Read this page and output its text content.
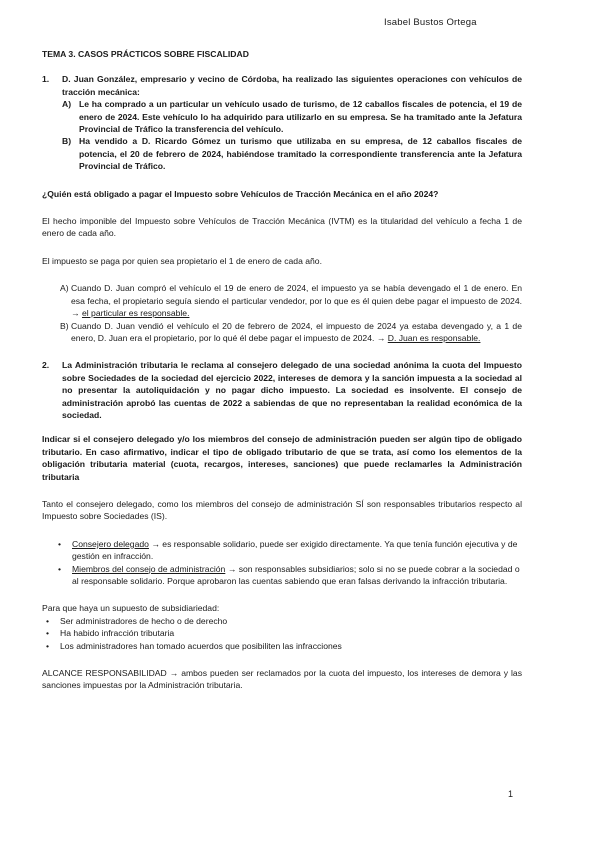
Isabel Bustos Ortega

TEMA 3. CASOS PRÁCTICOS SOBRE FISCALIDAD

1.	D. Juan González, empresario y vecino de Córdoba, ha realizado las siguientes operaciones con vehículos de tracción mecánica:
A) Le ha comprado a un particular un vehículo usado de turismo, de 12 caballos fiscales de potencia, el 19 de enero de 2024. Este vehículo lo ha adquirido para utilizarlo en su empresa. Se ha tramitado ante la Jefatura Provincial de Tráfico la transferencia del vehículo.
B) Ha vendido a D. Ricardo Gómez un turismo que utilizaba en su empresa, de 12 caballos fiscales de potencia, el 20 de febrero de 2024, habiéndose tramitado la correspondiente transferencia ante la Jefatura Provincial de Tráfico.

¿Quién está obligado a pagar el Impuesto sobre Vehículos de Tracción Mecánica en el año 2024?

El hecho imponible del Impuesto sobre Vehículos de Tracción Mecánica (IVTM) es la titularidad del vehículo a fecha 1 de enero de cada año.

El impuesto se paga por quien sea propietario el 1 de enero de cada año.

A) Cuando D. Juan compró el vehículo el 19 de enero de 2024, el impuesto ya se había devengado el 1 de enero. En esa fecha, el propietario seguía siendo el particular vendedor, por lo que es él quien debe pagar el impuesto de 2024. → el particular es responsable.
B) Cuando D. Juan vendió el vehículo el 20 de febrero de 2024, el impuesto de 2024 ya estaba devengado y, a 1 de enero, D. Juan era el propietario, por lo qué él debe pagar el impuesto de 2024. → D. Juan es responsable.
2.	La Administración tributaria le reclama al consejero delegado de una sociedad anónima la cuota del Impuesto sobre Sociedades de la sociedad del ejercicio 2022, intereses de demora y la sanción impuesta a la sociedad al no presentar la autoliquidación y no pagar dicho impuesto. La sociedad es insolvente. El consejo de administración aprobó las cuentas de 2022 a sabiendas de que no representaban la realidad económica de la sociedad.

Indicar si el consejero delegado y/o los miembros del consejo de administración pueden ser algún tipo de obligado tributario. En caso afirmativo, indicar el tipo de obligado tributario de que se trata, así como los elementos de la obligación tributaria material (cuota, recargos, intereses, sanciones) que puede reclamarles la Administración tributaria

Tanto el consejero delegado, como los miembros del consejo de administración SÍ son responsables tributarios respecto al Impuesto sobre Sociedades (IS).

•	Consejero delegado → es responsable solidario, puede ser exigido directamente. Ya que tenía función ejecutiva y de gestión en infracción.
•	Miembros del consejo de administración → son responsables subsidiarios; solo si no se puede cobrar a la sociedad o al responsable solidario. Porque aprobaron las cuentas sabiendo que eran falsas derivando la infracción tributaria.

Para que haya un supuesto de subsidiariedad:

•	Ser administradores de hecho o de derecho
•	Ha habido infracción tributaria
•	Los administradores han tomado acuerdos que posibiliten las infracciones

ALCANCE RESPONSABILIDAD → ambos pueden ser reclamados por la cuota del impuesto, los intereses de demora y las sanciones impuestas por la Administración tributaria.

1
